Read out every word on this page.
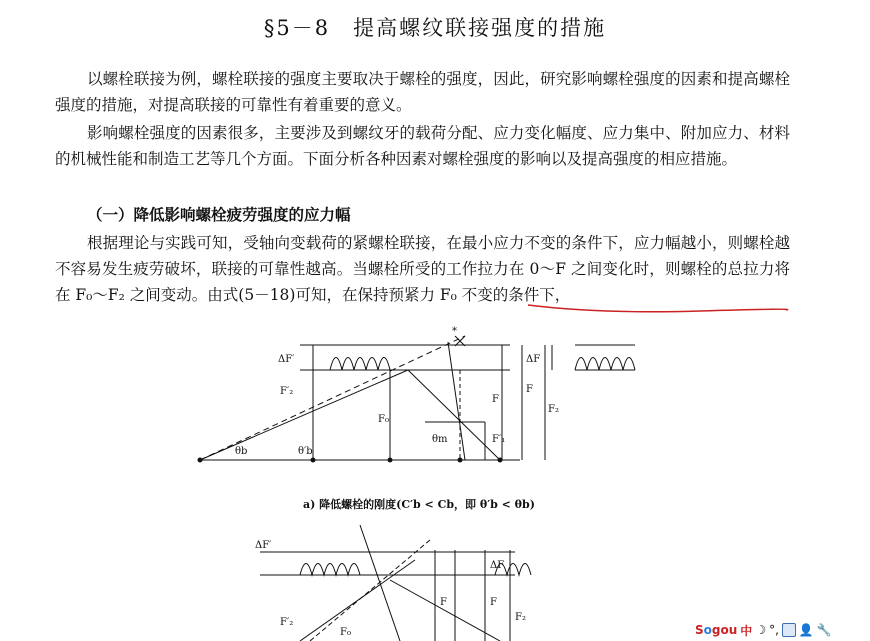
§5－8　提高螺纹联接强度的措施

以螺栓联接为例，螺栓联接的强度主要取决于螺栓的强度，因此，研究影响螺栓强度的因素和提高螺栓强度的措施，对提高联接的可靠性有着重要的意义。

影响螺栓强度的因素很多，主要涉及到螺纹牙的载荷分配、应力变化幅度、应力集中、附加应力、材料的机械性能和制造工艺等几个方面。下面分析各种因素对螺栓强度的影响以及提高强度的相应措施。

（一）降低影响螺栓疲劳强度的应力幅

根据理论与实践可知，受轴向变载荷的紧螺栓联接，在最小应力不变的条件下，应力幅越小，则螺栓越不容易发生疲劳破坏，联接的可靠性越高。当螺栓所受的工作拉力在 0～F 之间变化时，则螺栓的总拉力将在 F₀～F₂ 之间变动。由式(5－18)可知，在保持预紧力 F₀ 不变的条件下，

ΔF′
F′₂
F₀
θb	θ′b
θm
F
F′₁
ΔF
F
F₂
*
a) 降低螺栓的刚度(C′b < Cb，即 θ′b < θb)
ΔF′
F′₂
F₀
F
ΔF
F
F₂
Sogou 中 ☽ °, 👤 🔧
